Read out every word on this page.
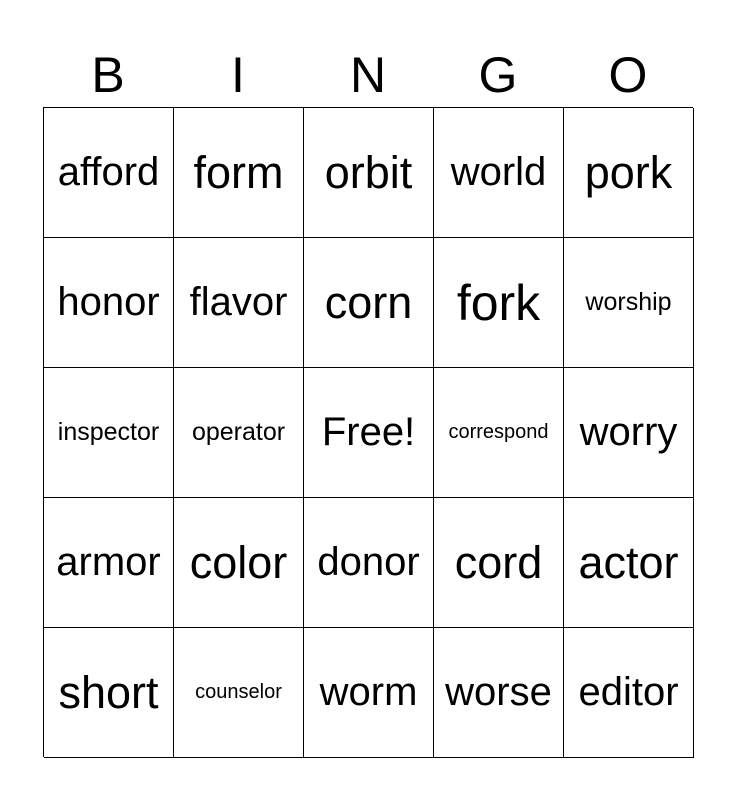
B	I	N	G	O
afford form orbit world pork
honor flavor corn fork	worship
inspector	operator Free!	correspond worry
armor color donor cord actor
short	counselor worm worse editor
